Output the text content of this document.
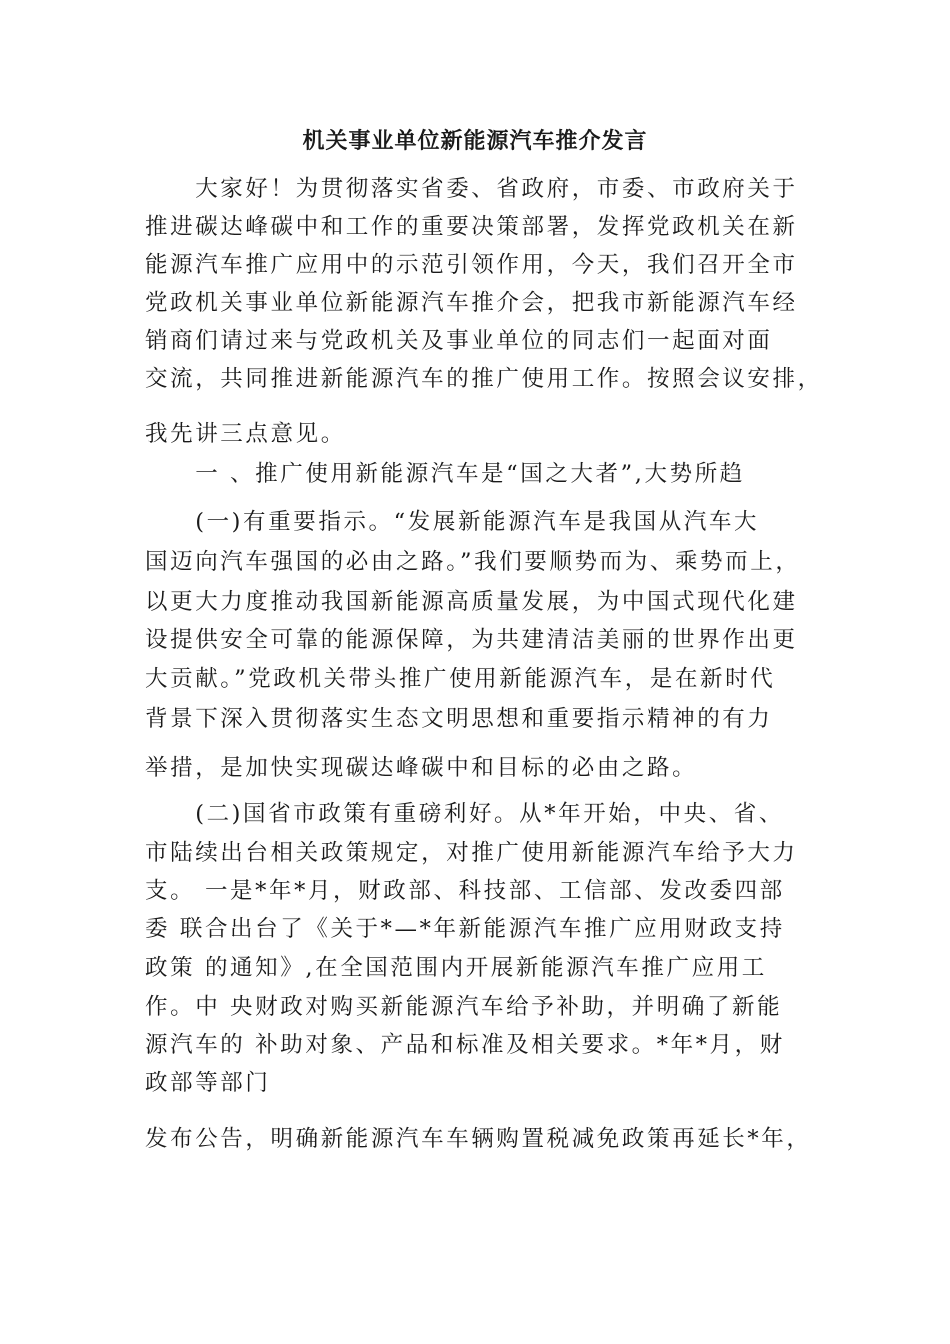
机关事业单位新能源汽车推介发言
　　大家好！为贯彻落实省委、省政府，市委、市政府关于
推进碳达峰碳中和工作的重要决策部署，发挥党政机关在新
能源汽车推广应用中的示范引领作用，今天，我们召开全市
党政机关事业单位新能源汽车推介会，把我市新能源汽车经
销商们请过来与党政机关及事业单位的同志们一起面对面
交流，共同推进新能源汽车的推广使用工作。按照会议安排，
我先讲三点意见。
　　一 、推广使用新能源汽车是“国之大者”,大势所趋
　　(一)有重要指示。“发展新能源汽车是我国从汽车大
国迈向汽车强国的必由之路。”我们要顺势而为、乘势而上，
以更大力度推动我国新能源高质量发展，为中国式现代化建
设提供安全可靠的能源保障，为共建清洁美丽的世界作出更
大贡献。”党政机关带头推广使用新能源汽车，是在新时代
背景下深入贯彻落实生态文明思想和重要指示精神的有力
举措，是加快实现碳达峰碳中和目标的必由之路。
　　(二)国省市政策有重磅利好。从*年开始，中央、省、
市陆续出台相关政策规定，对推广使用新能源汽车给予大力
支。 一是*年*月，财政部、科技部、工信部、发改委四部
委 联合出台了《关于*—*年新能源汽车推广应用财政支持
政策 的通知》,在全国范围内开展新能源汽车推广应用工
作。中 央财政对购买新能源汽车给予补助，并明确了新能
源汽车的 补助对象、产品和标准及相关要求。*年*月，财
政部等部门
发布公告，明确新能源汽车车辆购置税减免政策再延长*年，
